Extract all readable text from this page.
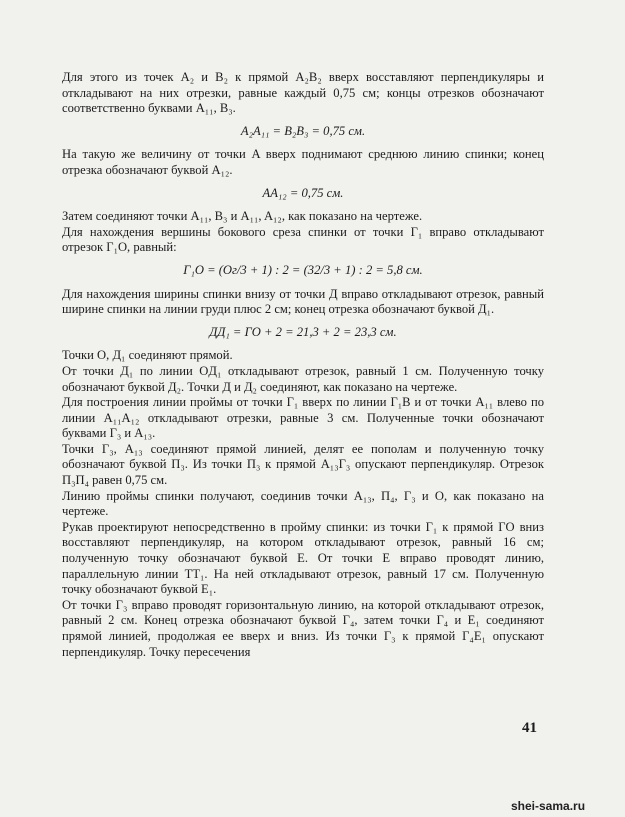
Для этого из точек A₂ и B₂ к прямой A₂B₂ вверх восставляют перпендикуляры и откладывают на них отрезки, равные каждый 0,75 см; концы отрезков обозначают соответственно буквами A₁₁, B₃.

A₂A₁₁ = B₂B₃ = 0,75 см.

На такую же величину от точки A вверх поднимают среднюю линию спинки; конец отрезка обозначают буквой A₁₂.

AA₁₂ = 0,75 см.

Затем соединяют точки A₁₁, B₃ и A₁₁, A₁₂, как показано на чертеже.

Для нахождения вершины бокового среза спинки от точки Г₁ вправо откладывают отрезок Г₁O, равный:

Г₁O = (Oг/3 + 1) : 2 = (32/3 + 1) : 2 = 5,8 см.

Для нахождения ширины спинки внизу от точки Д вправо откладывают отрезок, равный ширине спинки на линии груди плюс 2 см; конец отрезка обозначают буквой Д₁.

ДД₁ = ГO + 2 = 21,3 + 2 = 23,3 см.

Точки O, Д₁ соединяют прямой.

От точки Д₁ по линии OД₁ откладывают отрезок, равный 1 см. Полученную точку обозначают буквой Д₂. Точки Д и Д₂ соединяют, как показано на чертеже.

Для построения линии проймы от точки Г₁ вверх по линии Г₁B и от точки A₁₁ влево по линии A₁₁A₁₂ откладывают отрезки, равные 3 см. Полученные точки обозначают буквами Г₃ и A₁₃.

Точки Г₃, A₁₃ соединяют прямой линией, делят ее пополам и полученную точку обозначают буквой П₃. Из точки П₃ к прямой A₁₃Г₃ опускают перпендикуляр. Отрезок П₃П₄ равен 0,75 см.

Линию проймы спинки получают, соединив точки A₁₃, П₄, Г₃ и O, как показано на чертеже.

Рукав проектируют непосредственно в пройму спинки: из точки Г₁ к прямой ГO вниз восставляют перпендикуляр, на котором откладывают отрезок, равный 16 см; полученную точку обозначают буквой E. От точки E вправо проводят линию, параллельную линии TT₁. На ней откладывают отрезок, равный 17 см. Полученную точку обозначают буквой E₁.

От точки Г₃ вправо проводят горизонтальную линию, на которой откладывают отрезок, равный 2 см. Конец отрезка обозначают буквой Г₄, затем точки Г₄ и E₁ соединяют прямой линией, продолжая ее вверх и вниз. Из точки Г₃ к прямой Г₄E₁ опускают перпендикуляр. Точку пересечения

41
shei-sama.ru
